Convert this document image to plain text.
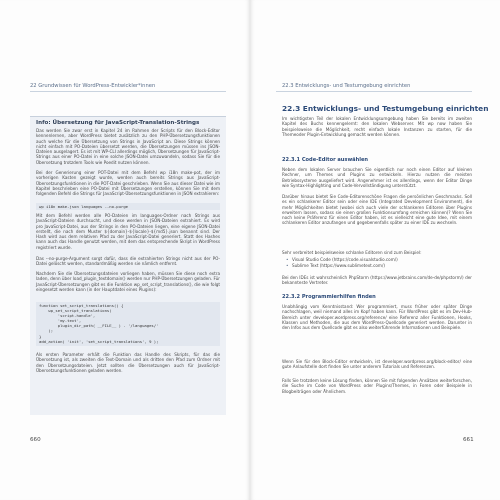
22 Grundwissen für WordPress-Entwickler*innen
Info: Übersetzung für JavaScript-Translation-Strings

Das werden Sie zwar erst in Kapitel 24 im Rahmen der Scripts für den Block-Editor kennenlernen, aber WordPress bietet zusätzlich zu den PHP-Übersetzungsfunktionen auch welche für die Übersetzung von Strings in JavaScript an. Diese Strings können nicht einfach mit PO-Dateien übersetzt werden, die Übersetzungen müssen ins JSON-Dateien ausgelagert. Es ist mit WP-CLI allerdings möglich, Übersetzungen für JavaScript-Strings aus einer PO-Datei in eine solche JSON-Datei umzuwandeln, sodass Sie für die Übersetzung trotzdem Tools wie Poedit nutzen können.

Bei der Generierung einer POT-Datei mit dem Befehl wp i18n make-pot, der im vorherigen Kasten gezeigt wurde, werden auch bereits Strings aus JavaScript-Übersetzungsfunktionen in die POT-Datei geschrieben. Wenn Sie aus dieser Datei wie im Kapitel beschrieben eine PO-Datei mit Übersetzungen erstellen, können Sie mit dem folgenden Befehl die Strings für JavaScript-Übersetzungsfunktionen in JSON extrahieren:

wp i18n make-json languages --no-purge

Mit dem Befehl werden alle PO-Dateien im languages-Ordner nach Strings aus JavaScript-Dateien durchsucht, und diese werden in JSON-Dateien extrahiert. Es wird pro JavaScript-Datei, aus der Strings in den PO-Dateien liegen, eine eigene JSON-Datei erstellt, die nach dem Muster ${domain}-${locale}-${md5}.json benannt sind. Der Hash wird aus dem relativen Pfad zu der JavaScript-Datei generiert. Statt des Hashes kann auch das Handle genutzt werden, mit dem das entsprechende Skript in WordPress registriert wurde.

Das --no-purge-Argument sorgt dafür, dass die extrahierten Strings nicht aus der PO-Datei gelöscht werden, standardmäßig werden sie nämlich entfernt.

Nachdem Sie die Übersetzungsdateien vorliegen haben, müssen Sie diese noch extra laden, denn über load_plugin_textdomain() werden nur PHP-Übersetzungen geladen. Für JavaScript-Übersetzungen gibt es die Funktion wp_set_script_translations(), die wie folgt eingesetzt werden kann (in der Hauptdatei eines Plugins):

function set_script_translations() {
wp_set_script_translations(
'script-handle',
'my-text',
plugin_dir_path( __FILE__ ) . '/languages/'
);
}
add_action( 'init', 'set_script_translations', 9 );

Als ersten Parameter erhält die Funktion das Handle des Skripts, für das die Übersetzung ist, als zweiten die Text-Domain und als dritten den Pfad zum Ordner mit den Übersetzungsdateien. Jetzt sollten die Übersetzungen auch für JavaScript-Übersetzungsfunktionen geladen werden.

660
22.3 Entwicklungs- und Testumgebung einrichten
22.3 Entwicklungs- und Testumgebung einrichten

Im wichtigsten Teil der lokalen Entwicklungsumgebung haben Sie bereits im zweiten Kapitel des Buchs kennengelernt: den lokalen Webserver. Mit wp now haben Sie beispielsweise die Möglichkeit, recht einfach lokale Instanzen zu starten, für die Themeoder Plugin-Entwicklung gemacht werden können.

22.3.1 Code-Editor auswählen

Neben dem lokalen Server brauchen Sie eigentlich nur noch einen Editor auf kleinen Rechner, um Themes und Plugins zu entwickeln. Hierzu nutzen die meisten Betriebssysteme ausgeliefert wird. Angenehmer ist es allerdings, wenn der Editor Dinge wie Syntax-Highlighting und Code-Vervollständigung unterstützt.

Darüber hinaus bietet Sie Code-Editorenschöne Fragen die persönlichen Geschmacks. Soll es ein schlankerer Editor sein oder eine IDE (Integrated Development Environment), die mehr Möglichkeiten bietet (wobei sich auch viele der schlankeren Editoren über Plugins erweitern lassen, sodass sie einen großen Funktionsumfang erreichen können)? Wenn Sie noch keine Präferenz für einen Editor haben, ist es vielleicht eine gute Idee, mit einem schlankeren Editor anzufangen und gegebenenfalls später zu einer IDE zu wechseln.

Sehr verbreitet beispielsweise schlanke Editoren sind zum Beispiel:

• Visual Studio Code (https://code.visualstudio.com/)
• Sublime Text (https://www.sublimetext.com/)

Bei den IDEs ist wahrscheinlich PhpStorm (https://www.jetbrains.com/de-de/phpstorm/) der bekannteste Vertreter.

22.3.2 Programmierhilfen finden

Unabhängig vom Kenntnisstand: Wer programmiert, muss früher oder später Dinge nachschlagen, weil niemand alles im Kopf haben kann. Für WordPress gibt es im Dev-Hub-Bereich unter developer.wordpress.org/reference/ eine Referenz aller Funktionen, Hooks, Klassen und Methoden, die aus dem WordPress-Quellcode generiert werden. Darunter in den Infos aus dem Quellcode gibt es also weiterführende Informationen und Beispiele.

Wenn Sie für den Block-Editor entwickeln, ist developer.wordpress.org/block-editor/ eine gute Anlaufstelle dort finden Sie unter anderem Tutorials und Referenzen.

Falls Sie trotzdem keine Lösung finden, können Sie mit folgenden Ansätzen weiterforschen, die Suche im Code von WordPress oder Plugins/Themes, in Foren oder Beispiele in Blogbeiträgen oder Ähnlichem.

661
